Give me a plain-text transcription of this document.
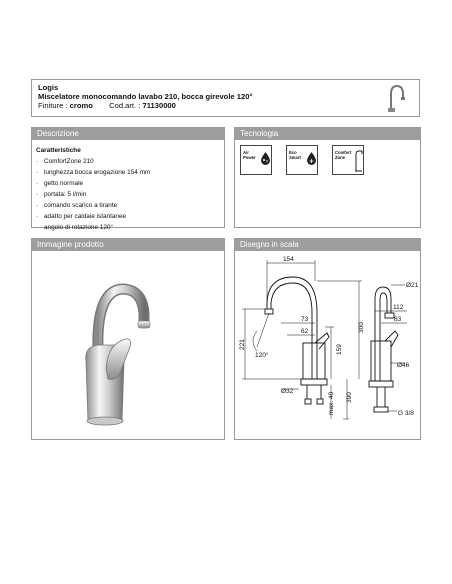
Logis
Miscelatore monocomando lavabo 210, bocca girevole 120°
Finiture : cromo Cod.art. : 71130000
Descrizione
Caratteristiche
· ComfortZone 210
· lunghezza bocca erogazione 154 mm
· getto normale
· portata: 5 l/min
· comando scarico a tirante
· adatto per caldaie istantanee
· angolo di rotazione 120°
Tecnologia
Air
Power
Eco
Smart
Comfort
Zone
Immagine prodotto	Disegno in scala
154
Ø21
112
83
73
62
221
120°
159
300
Ø46
Ø32
390
max. 40	G 3/8
